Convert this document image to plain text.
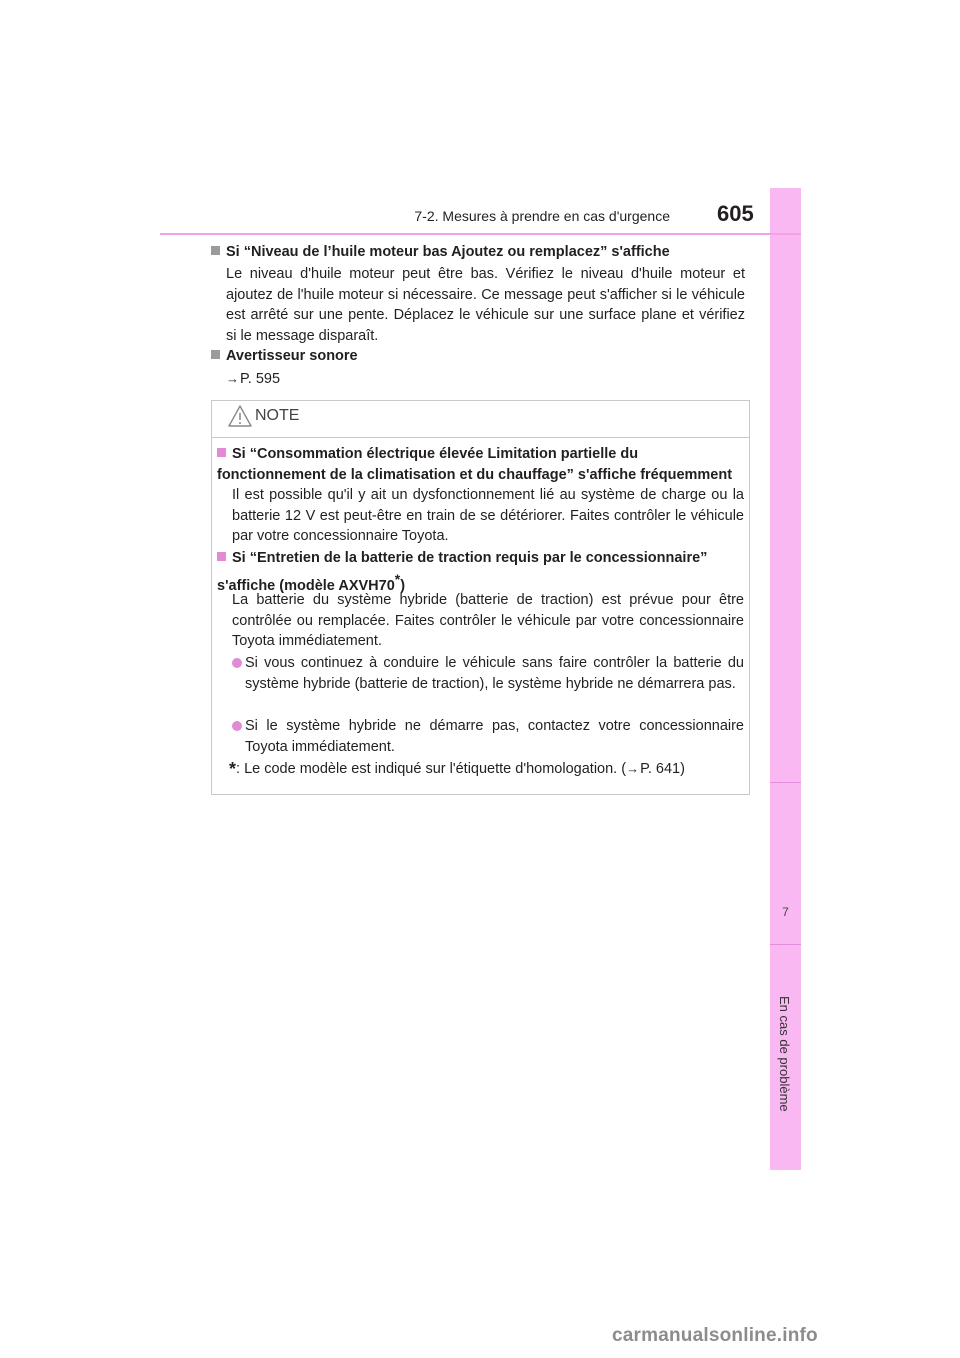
7
En cas de problème
7-2. Mesures à prendre en cas d'urgence 605
Si “Niveau de l’huile moteur bas Ajoutez ou remplacez” s'affiche
Le niveau d'huile moteur peut être bas. Vérifiez le niveau d'huile moteur et ajoutez de l'huile moteur si nécessaire. Ce message peut s'afficher si le véhicule est arrêté sur une pente. Déplacez le véhicule sur une surface plane et vérifiez si le message disparaît.
Avertisseur sonore
→P. 595
NOTE
Si “Consommation électrique élevée Limitation partielle du fonctionnement de la climatisation et du chauffage” s'affiche fréquemment
Il est possible qu'il y ait un dysfonctionnement lié au système de charge ou la batterie 12 V est peut-être en train de se détériorer. Faites contrôler le véhicule par votre concessionnaire Toyota.
Si “Entretien de la batterie de traction requis par le concessionnaire” s'affiche (modèle AXVH70*)
La batterie du système hybride (batterie de traction) est prévue pour être contrôlée ou remplacée. Faites contrôler le véhicule par votre concessionnaire Toyota immédiatement.
Si vous continuez à conduire le véhicule sans faire contrôler la batterie du système hybride (batterie de traction), le système hybride ne démarrera pas.
Si le système hybride ne démarre pas, contactez votre concessionnaire Toyota immédiatement.
*: Le code modèle est indiqué sur l'étiquette d'homologation. (→P. 641)
carmanualsonline.info
